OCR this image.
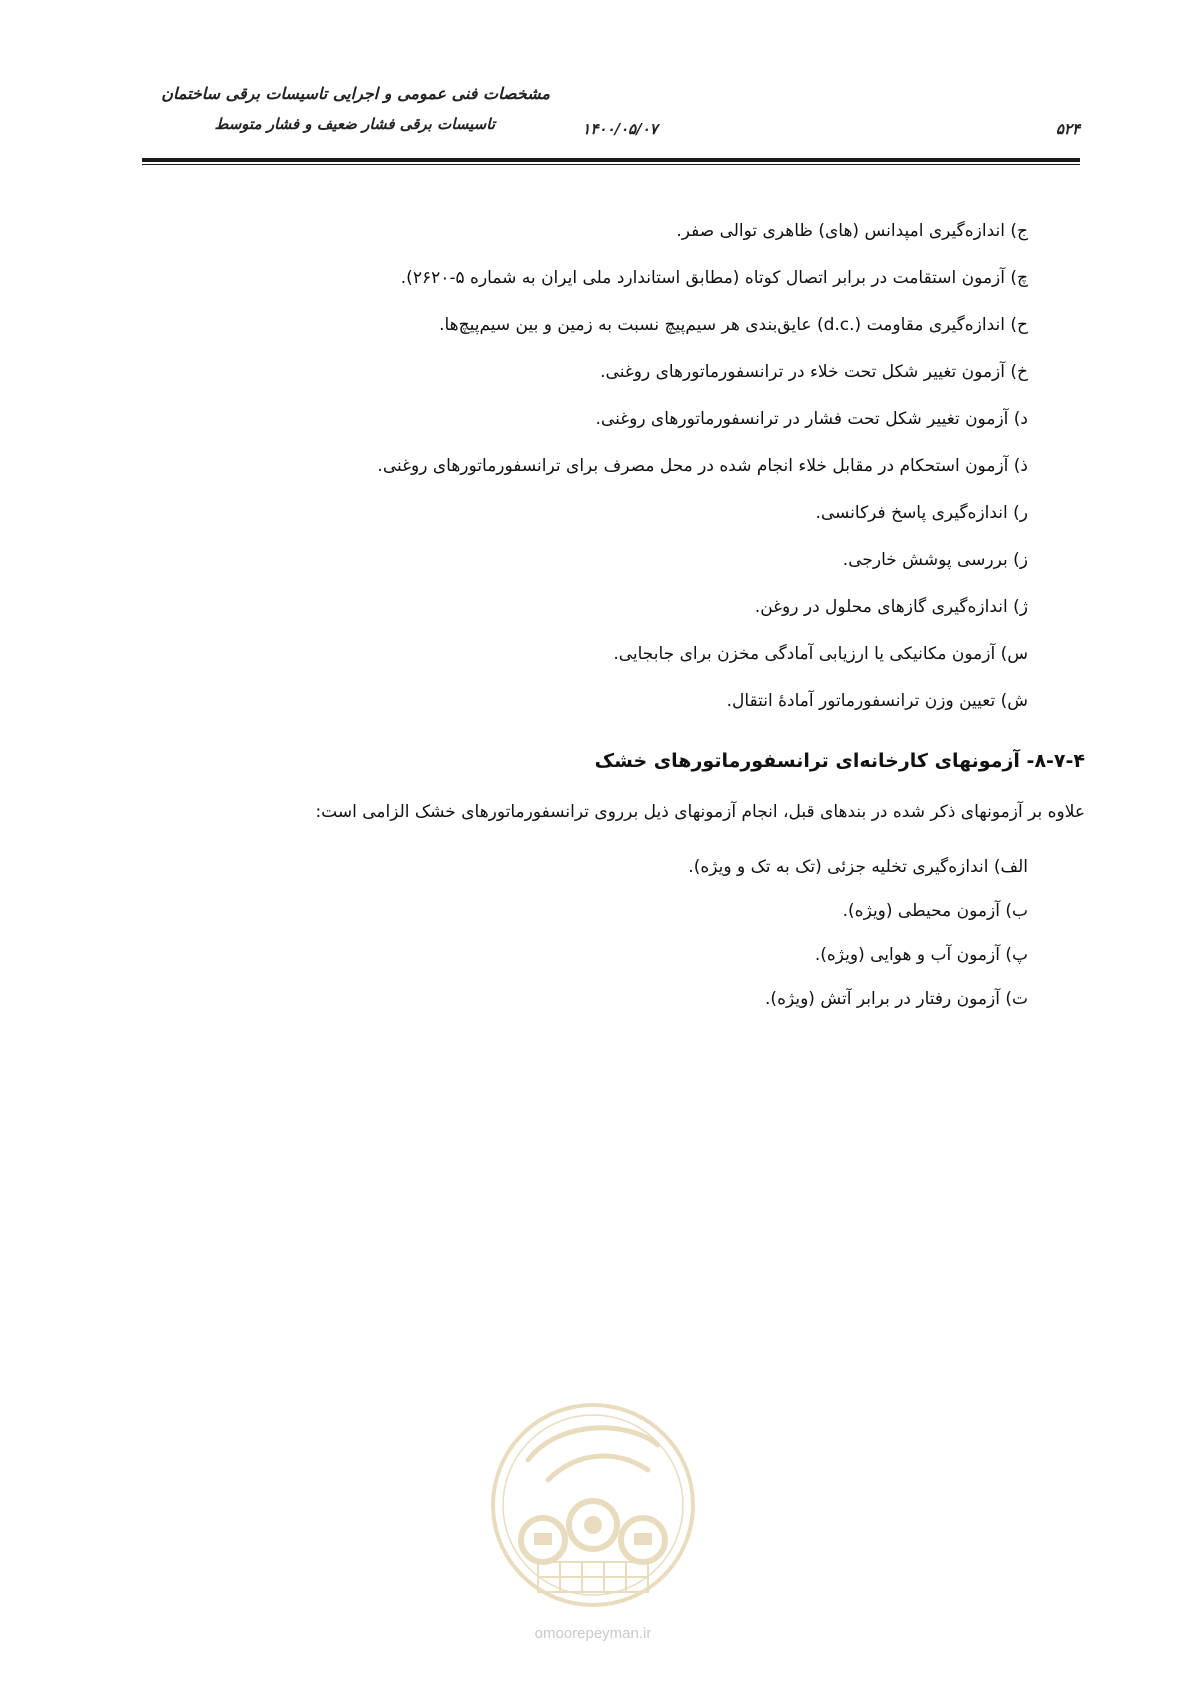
مشخصات فنی عمومی و اجرایی تاسیسات برقی ساختمان
تاسیسات برقی فشار ضعیف و فشار متوسط	۱۴۰۰/۰۵/۰۷	۵۲۴
ج) اندازه‌گیری امپدانس (های) ظاهری توالی صفر.
چ) آزمون استقامت در برابر اتصال کوتاه (مطابق استاندارد ملی ایران به شماره ۵-۲۶۲۰).
ح) اندازه‌گیری مقاومت (.d.c) عایق‌بندی هر سیم‌پیچ نسبت به زمین و بین سیم‌پیچ‌ها.
خ) آزمون تغییر شکل تحت خلاء در ترانسفورماتورهای روغنی.
د) آزمون تغییر شکل تحت فشار در ترانسفورماتورهای روغنی.
ذ) آزمون استحکام در مقابل خلاء انجام شده در محل مصرف برای ترانسفورماتورهای روغنی.
ر) اندازه‌گیری پاسخ فرکانسی.
ز) بررسی پوشش خارجی.
ژ) اندازه‌گیری گازهای محلول در روغن.
س) آزمون مکانیکی یا ارزیابی آمادگی مخزن برای جابجایی.
ش) تعیین وزن ترانسفورماتور آمادهٔ انتقال.
۸-۷-۴- آزمونهای کارخانه‌ای ترانسفورماتورهای خشک
علاوه بر آزمونهای ذکر شده در بندهای قبل، انجام آزمونهای ذیل برروی ترانسفورماتورهای خشک الزامی است:
الف) اندازه‌گیری تخلیه جزئی (تک به تک و ویژه).
ب) آزمون محیطی (ویژه).
پ) آزمون آب و هوایی (ویژه).
ت) آزمون رفتار در برابر آتش (ویژه).
omoorepeyman.ir
